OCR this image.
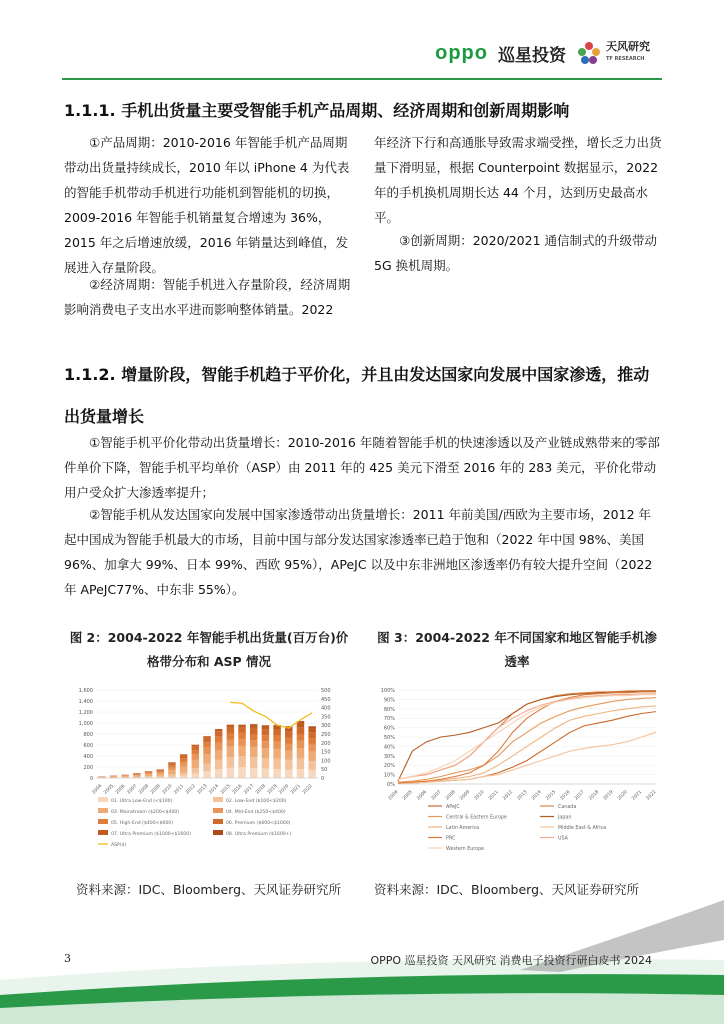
oppo 巡星投资	天风研究
TF RESEARCH
1.1.1. 手机出货量主要受智能手机产品周期、经济周期和创新周期影响

①产品周期：2010-2016 年智能手机产品周期带动出货量持续成长，2010 年以 iPhone 4 为代表的智能手机带动手机进行功能机到智能机的切换，2009-2016 年智能手机销量复合增速为 36%，2015 年之后增速放缓，2016 年销量达到峰值，发展进入存量阶段。

②经济周期：智能手机进入存量阶段，经济周期影响消费电子支出水平进而影响整体销量。2022

年经济下行和高通胀导致需求端受挫，增长乏力出货量下滑明显，根据 Counterpoint 数据显示，2022 年的手机换机周期长达 44 个月，达到历史最高水平。

③创新周期：2020/2021 通信制式的升级带动 5G 换机周期。

1.1.2. 增量阶段，智能手机趋于平价化，并且由发达国家向发展中国家渗透，推动出货量增长

①智能手机平价化带动出货量增长：2010-2016 年随着智能手机的快速渗透以及产业链成熟带来的零部件单价下降，智能手机平均单价（ASP）由 2011 年的 425 美元下滑至 2016 年的 283 美元，平价化带动用户受众扩大渗透率提升；

②智能手机从发达国家向发展中国家渗透带动出货量增长：2011 年前美国/西欧为主要市场，2012 年起中国成为智能手机最大的市场，目前中国与部分发达国家渗透率已趋于饱和（2022 年中国 98%、美国 96%、加拿大 99%、日本 99%、西欧 95%），APeJC 以及中东非洲地区渗透率仍有较大提升空间（2022 年 APeJC77%、中东非 55%）。

图 2：2004-2022 年智能手机出货量(百万台)价格带分布和 ASP 情况
图 3：2004-2022 年不同国家和地区智能手机渗透率
0
200
400
600
800
1,000
1,200
1,400
1,600
0
50
100
150
200
250
300
350
400
450
500
2004 2005 2006 2007 2008 2009 2010 2011 2012 2013 2014 2015 2016 2017 2018 2019 2020 2021 2022
01. Ultra Low-End (<$100)	02. Low-End ($100<$200)
03. Mainstream ($200<$400)	04. Mid-End ($250<$400)
05. High-End ($400<$600)	06. Premium ($600<$1000)
07. Ultra Premium ($1000<$1600)	08. Ultra Premium ($1600+)
ASP($)
0%
10%
20%
30%
40%
50%
60%
70%
80%
90%
100%
2004 2005 2006 2007 2008 2009 2010 2011 2012 2013 2014 2015 2016 2017 2018 2019 2020 2021 2022
APeJC	Canada
Central & Eastern Europe	Japan
Latin America	Middle East & Africa
PRC	USA
Western Europe
资料来源：IDC、Bloomberg、天风证券研究所	资料来源：IDC、Bloomberg、天风证券研究所
3	OPPO 巡星投资 天风研究 消费电子投资行研白皮书 2024
